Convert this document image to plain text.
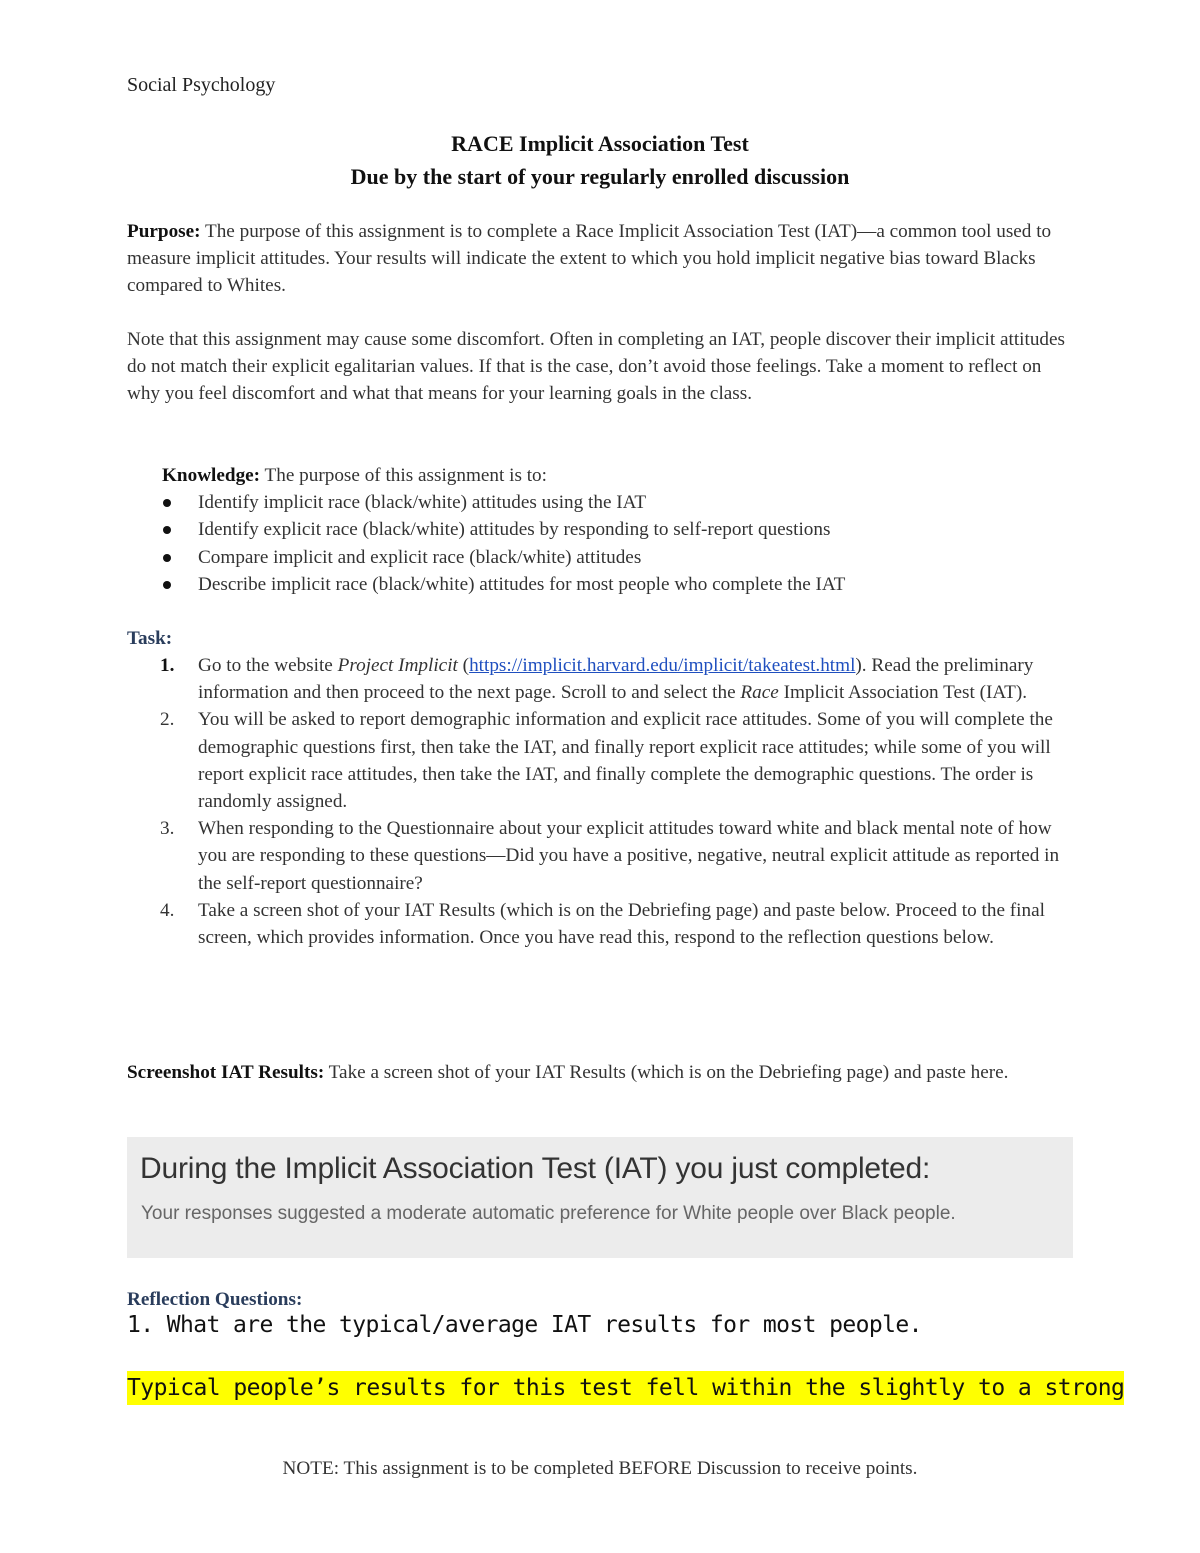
Social Psychology
RACE Implicit Association Test
Due by the start of your regularly enrolled discussion
Purpose: The purpose of this assignment is to complete a Race Implicit Association Test (IAT)—a common tool used to measure implicit attitudes. Your results will indicate the extent to which you hold implicit negative bias toward Blacks compared to Whites.
Note that this assignment may cause some discomfort. Often in completing an IAT, people discover their implicit attitudes do not match their explicit egalitarian values. If that is the case, don’t avoid those feelings. Take a moment to reflect on why you feel discomfort and what that means for your learning goals in the class.
Knowledge: The purpose of this assignment is to:
Identify implicit race (black/white) attitudes using the IAT
Identify explicit race (black/white) attitudes by responding to self-report questions
Compare implicit and explicit race (black/white) attitudes
Describe implicit race (black/white) attitudes for most people who complete the IAT
Task:
1. Go to the website Project Implicit (https://implicit.harvard.edu/implicit/takeatest.html). Read the preliminary information and then proceed to the next page. Scroll to and select the Race Implicit Association Test (IAT).
2. You will be asked to report demographic information and explicit race attitudes. Some of you will complete the demographic questions first, then take the IAT, and finally report explicit race attitudes; while some of you will report explicit race attitudes, then take the IAT, and finally complete the demographic questions. The order is randomly assigned.
3. When responding to the Questionnaire about your explicit attitudes toward white and black mental note of how you are responding to these questions—Did you have a positive, negative, neutral explicit attitude as reported in the self-report questionnaire?
4. Take a screen shot of your IAT Results (which is on the Debriefing page) and paste below. Proceed to the final screen, which provides information. Once you have read this, respond to the reflection questions below.
Screenshot IAT Results: Take a screen shot of your IAT Results (which is on the Debriefing page) and paste here.
During the Implicit Association Test (IAT) you just completed:
Your responses suggested a moderate automatic preference for White people over Black people.
Reflection Questions:
1. What are the typical/average IAT results for most people.
Typical people’s results for this test fell within the slightly to a strong
NOTE: This assignment is to be completed BEFORE Discussion to receive points.
